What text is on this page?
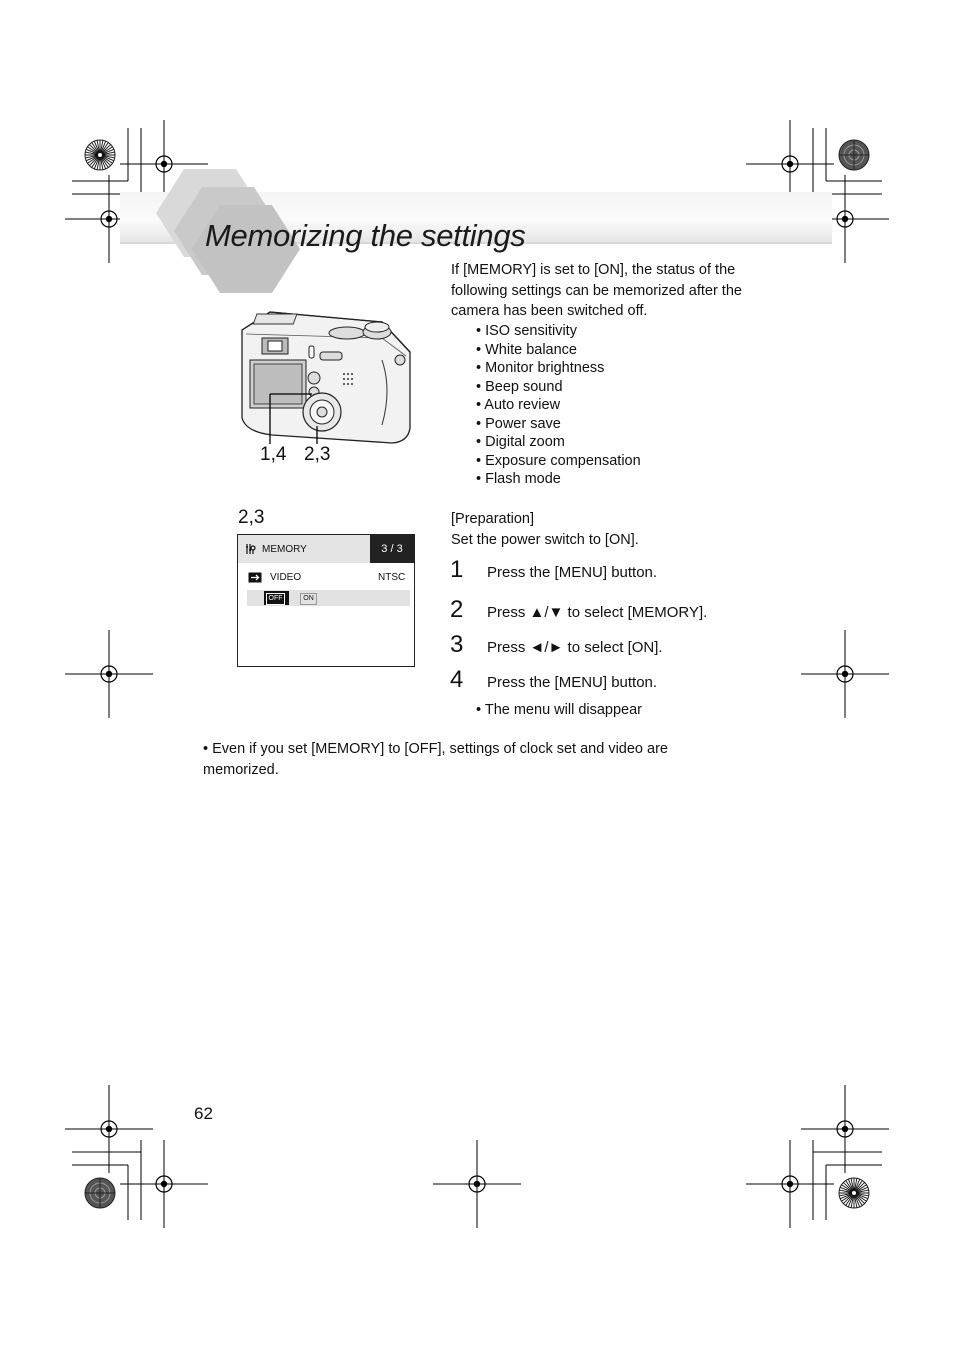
Memorizing the settings
1,4 2,3
If [MEMORY] is set to [ON], the status of the following settings can be memorized after the camera has been switched off.
• ISO sensitivity
• White balance
• Monitor brightness
• Beep sound
• Auto review
• Power save
• Digital zoom
• Exposure compensation
• Flash mode
2,3
MEMORY	3 / 3
VIDEO	NTSC
OFF	ON
[Preparation]
Set the power switch to [ON].
1	Press the [MENU] button.
2	Press ▲/▼ to select [MEMORY].
3	Press ◄/► to select [ON].
4	Press the [MENU] button.
• The menu will disappear
• Even if you set [MEMORY] to [OFF], settings of clock set and video are memorized.
62
